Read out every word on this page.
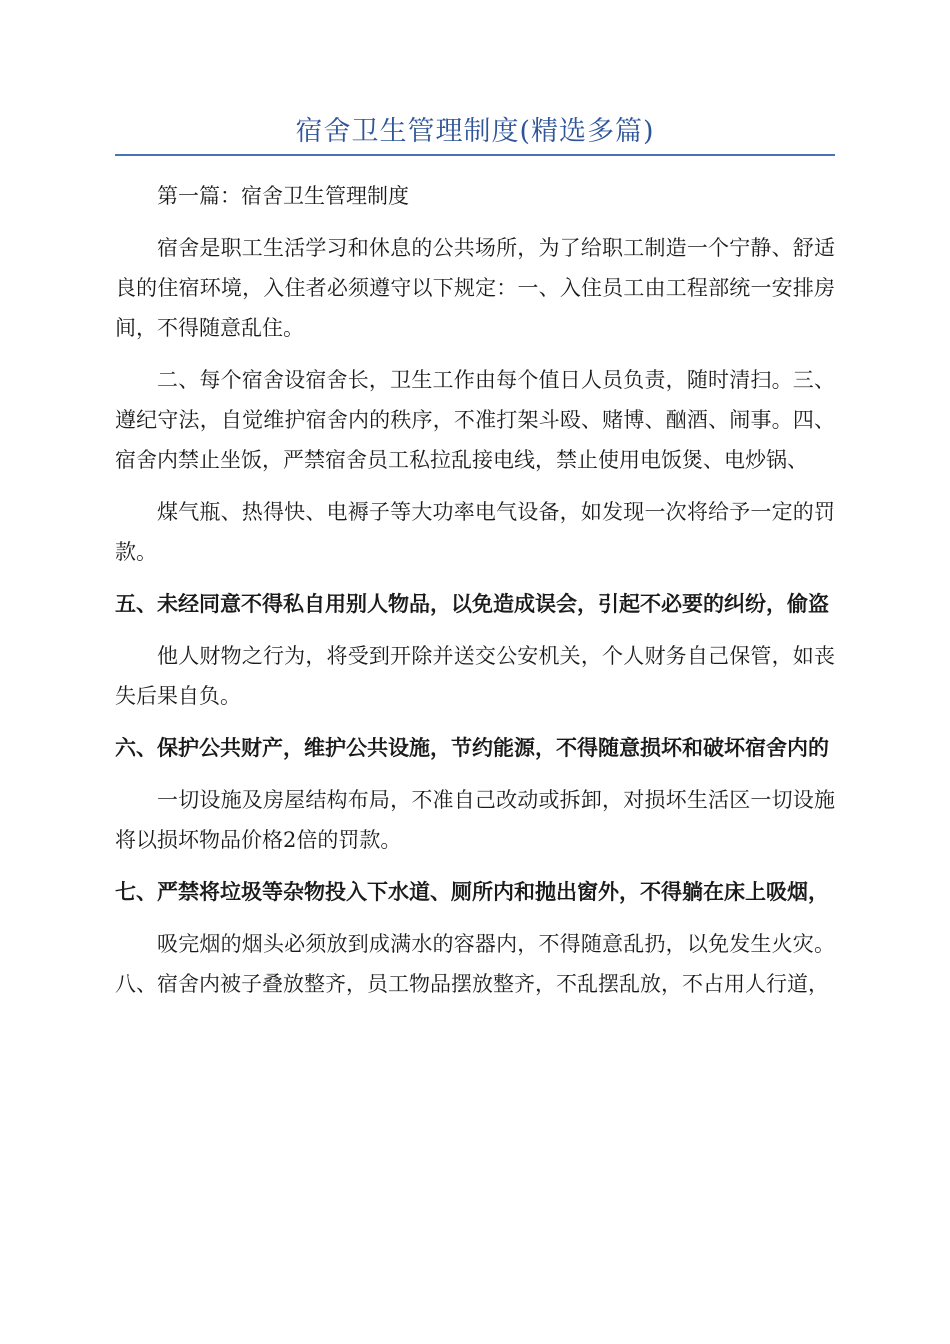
宿舍卫生管理制度(精选多篇)

第一篇：宿舍卫生管理制度

宿舍是职工生活学习和休息的公共场所，为了给职工制造一个宁静、舒适良的住宿环境，入住者必须遵守以下规定：一、入住员工由工程部统一安排房间，不得随意乱住。

二、每个宿舍设宿舍长，卫生工作由每个值日人员负责，随时清扫。三、遵纪守法，自觉维护宿舍内的秩序，不准打架斗殴、赌博、酗酒、闹事。四、宿舍内禁止坐饭，严禁宿舍员工私拉乱接电线，禁止使用电饭煲、电炒锅、

煤气瓶、热得快、电褥子等大功率电气设备，如发现一次将给予一定的罚款。

五、未经同意不得私自用别人物品，以免造成误会，引起不必要的纠纷，偷盗

他人财物之行为，将受到开除并送交公安机关，个人财务自己保管，如丧失后果自负。

六、保护公共财产，维护公共设施，节约能源，不得随意损坏和破坏宿舍内的

一切设施及房屋结构布局，不准自己改动或拆卸，对损坏生活区一切设施将以损坏物品价格2倍的罚款。

七、严禁将垃圾等杂物投入下水道、厕所内和抛出窗外，不得躺在床上吸烟，

吸完烟的烟头必须放到成满水的容器内，不得随意乱扔，以免发生火灾。八、宿舍内被子叠放整齐，员工物品摆放整齐，不乱摆乱放，不占用人行道，
